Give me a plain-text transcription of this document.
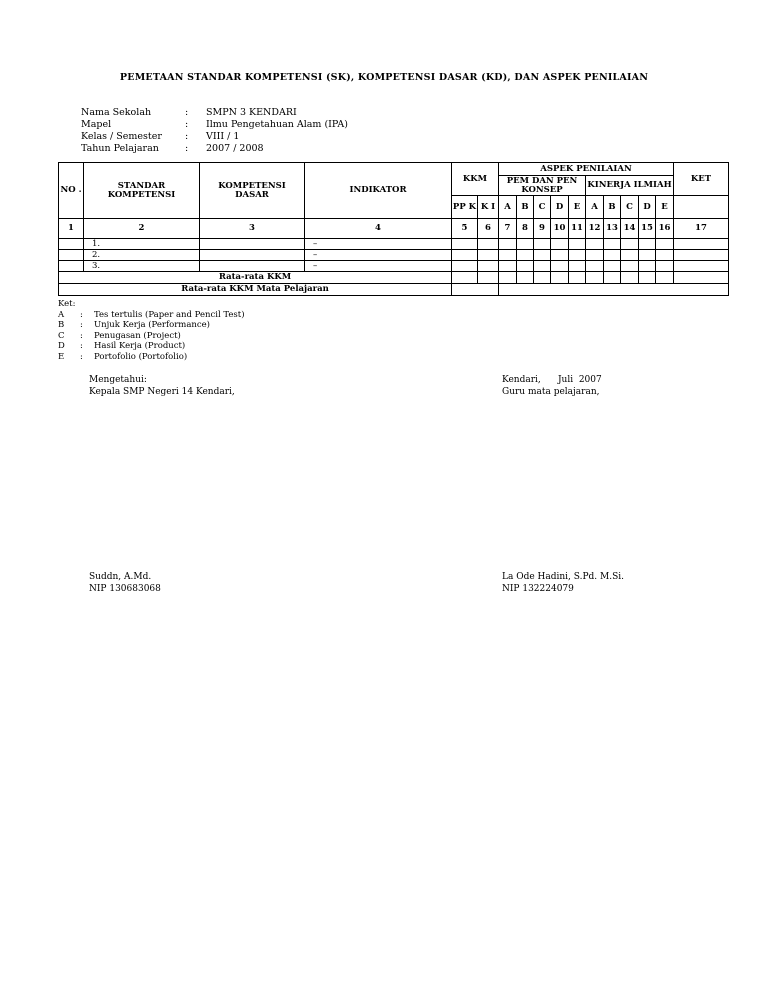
PEMETAAN STANDAR KOMPETENSI (SK), KOMPETENSI DASAR (KD), DAN ASPEK PENILAIAN
Nama Sekolah	:	SMPN 3 KENDARI
Mapel	:	Ilmu Pengetahuan Alam (IPA)
Kelas / Semester	:	VIII / 1
Tahun Pelajaran	:	2007 / 2008
NO .	STANDAR KOMPETENSI	KOMPETENSI DASAR	INDIKATOR	KKM		ASPEK PENILAIAN										KET
						PEM DAN PEN KONSEP					KINERJA ILMIAH					
				PP K	K I	A	B	C	D	E	A	B	C	D	E	
1	2	3	4	5	6	7	8	9	10	11	12	13	14	15	16	17
	1.		–													
	2.		–													
	3.		–													
Rata-rata KKM																
Rata-rata KKM Mata Pelajaran																
Ket:
A	:	Tes tertulis (Paper and Pencil Test)
B	:	Unjuk Kerja (Performance)
C	:	Penugasan (Project)
D	:	Hasil Kerja (Product)
E	:	Portofolio (Portofolio)
Mengetahui:
Kepala SMP Negeri 14 Kendari,
Kendari,      Juli  2007
Guru mata pelajaran,
Suddn, A.Md.
NIP 130683068
La Ode Hadini, S.Pd. M.Si.
NIP 132224079
